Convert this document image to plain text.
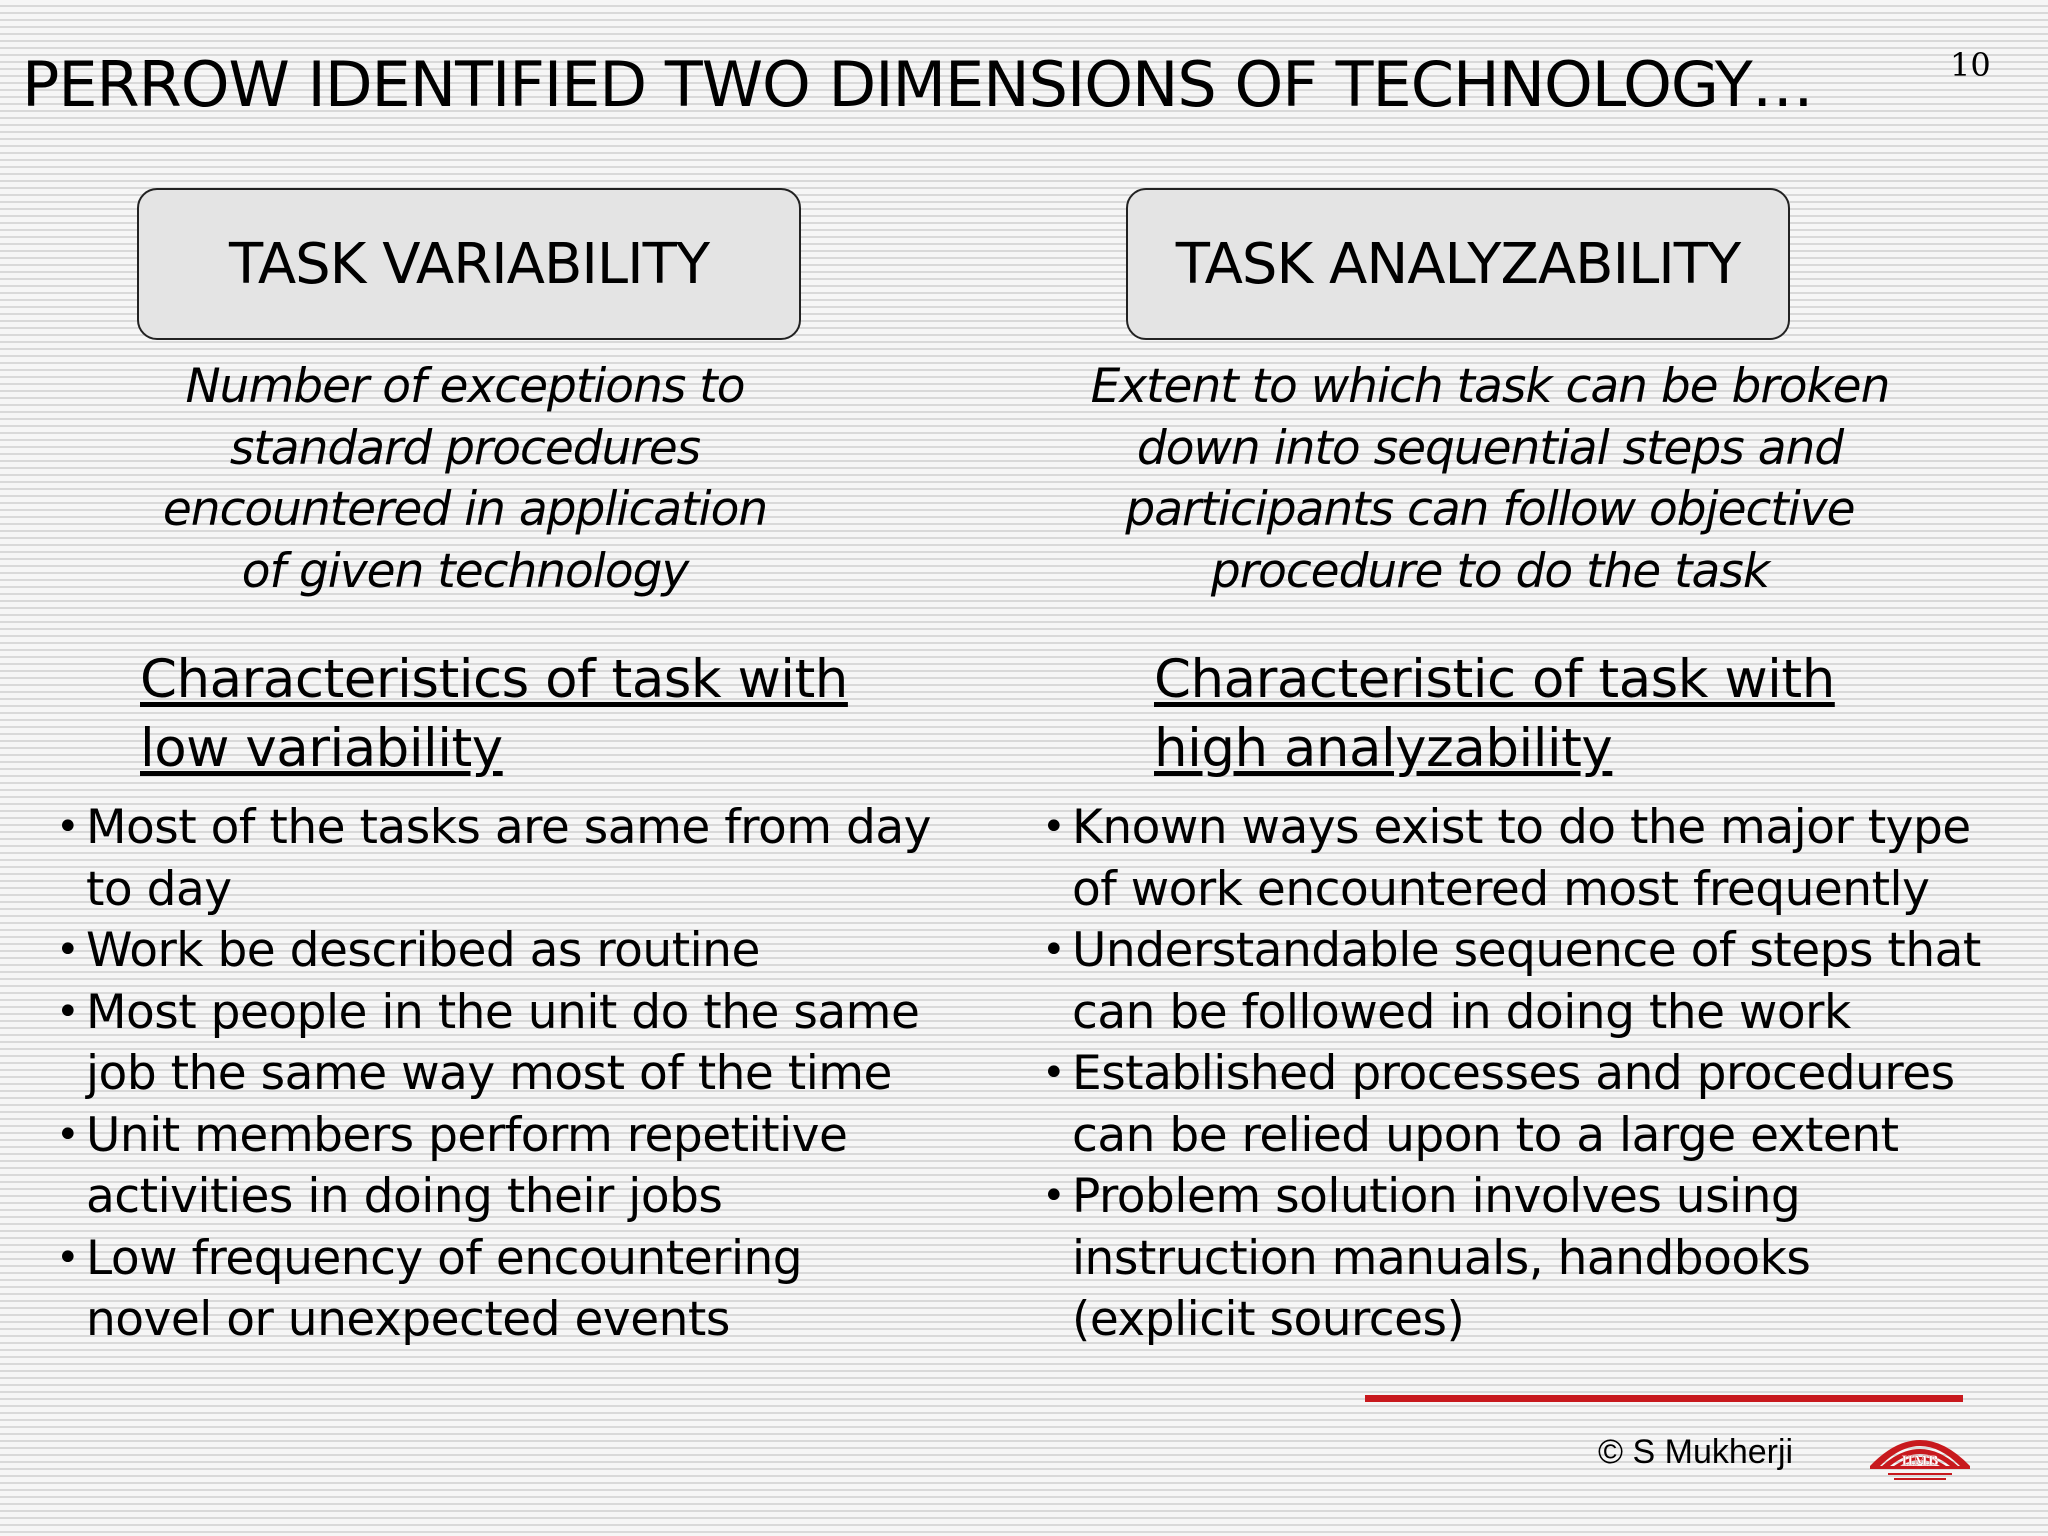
PERROW IDENTIFIED TWO DIMENSIONS OF TECHNOLOGY…	10
TASK VARIABILITY	TASK ANALYZABILITY
Number of exceptions to
standard procedures
encountered in application
of given technology
Extent to which task can be broken
down into sequential steps and
participants can follow objective
procedure to do the task
Characteristics of task with
low variability
Characteristic of task with
high analyzability
• Most of the tasks are same from day
to day
• Work be described as routine
• Most people in the unit do the same
job the same way most of the time
• Unit members perform repetitive
activities in doing their jobs
• Low frequency of encountering
novel or unexpected events
• Known ways exist to do the major type
of work encountered most frequently
• Understandable sequence of steps that
can be followed in doing the work
• Established processes and procedures
can be relied upon to a large extent
• Problem solution involves using
instruction manuals, handbooks
(explicit sources)
© S Mukherji	IIMB
